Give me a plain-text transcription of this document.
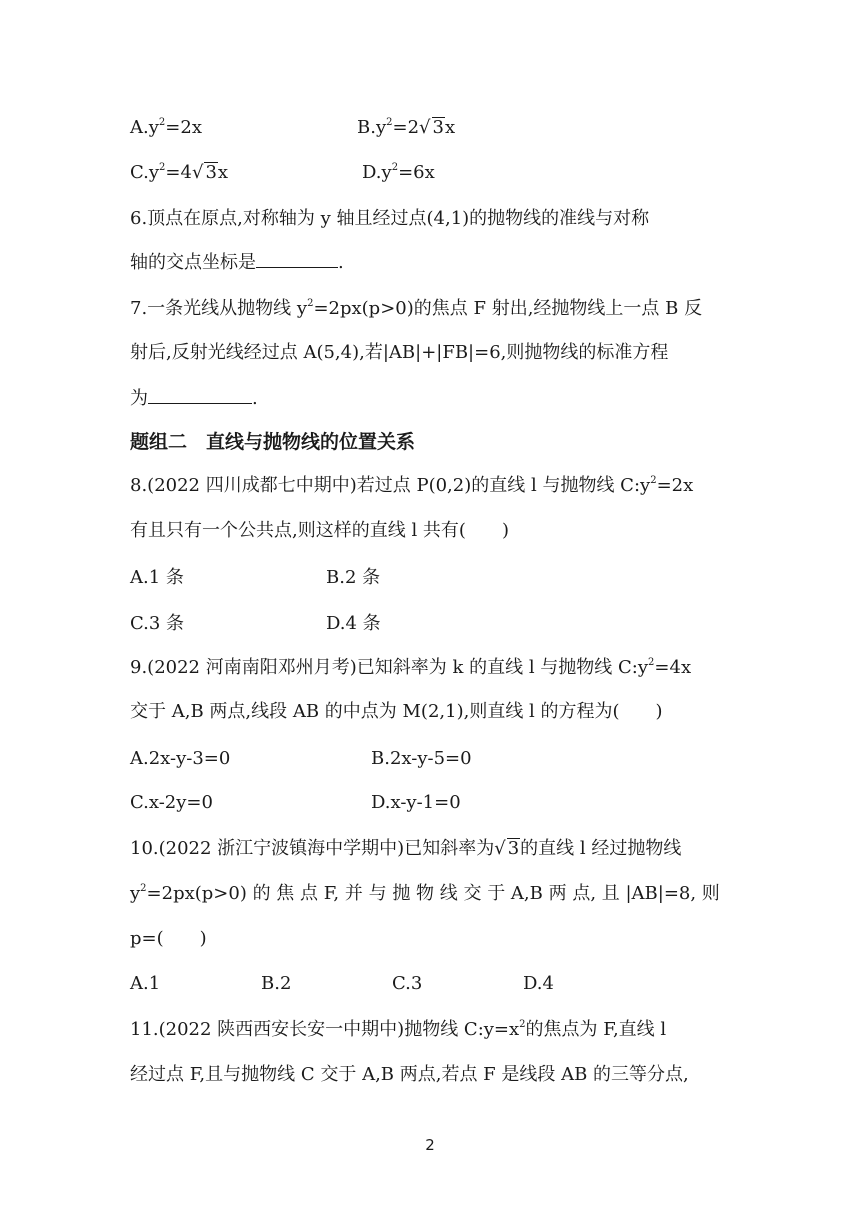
$A.y^2=2x$	$B.y^2=2√$ 3x
$C.y^2=4√$ 3x	$D.y^2=6x$
6.顶点在原点,对称轴为 y 轴且经过点(4,1)的抛物线的准线与对称
轴的交点坐标是	.
7.一条光线从抛物线 $y^2=2px(p>0)$的焦点 F 射出,经抛物线上一点 B 反
射后,反射光线经过点 A(5,4),若|AB|+|FB|=6,则抛物线的标准方程
为	.
题组二　直线与抛物线的位置关系
8.(2022 四川成都七中期中)若过点 P(0,2)的直线 l 与抛物线 $C:y^2=2x$
有且只有一个公共点,则这样的直线 l 共有(　　)
A.1 条	B.2 条
C.3 条	D.4 条
9.(2022 河南南阳邓州月考)已知斜率为 k 的直线 l 与抛物线 $C:y^2=4x$
交于 A,B 两点,线段 AB 的中点为 M(2,1),则直线 l 的方程为(　　)
A.2x-y-3=0	B.2x-y-5=0
C.x-2y=0	D.x-y-1=0
10.(2022 浙江宁波镇海中学期中)已知斜率为√ 3的直线 l 经过抛物线
$y^2=2px(p>0)$ 的 焦 点 F, 并 与 抛 物 线 交 于 A,B 两 点, 且 |AB|=8, 则
p=(　　)
A.1	B.2	C.3	D.4
11.(2022 陕西西安长安一中期中)抛物线 $C:y=x^2$的焦点为 F,直线 l
经过点 F,且与抛物线 C 交于 A,B 两点,若点 F 是线段 AB 的三等分点,
2
